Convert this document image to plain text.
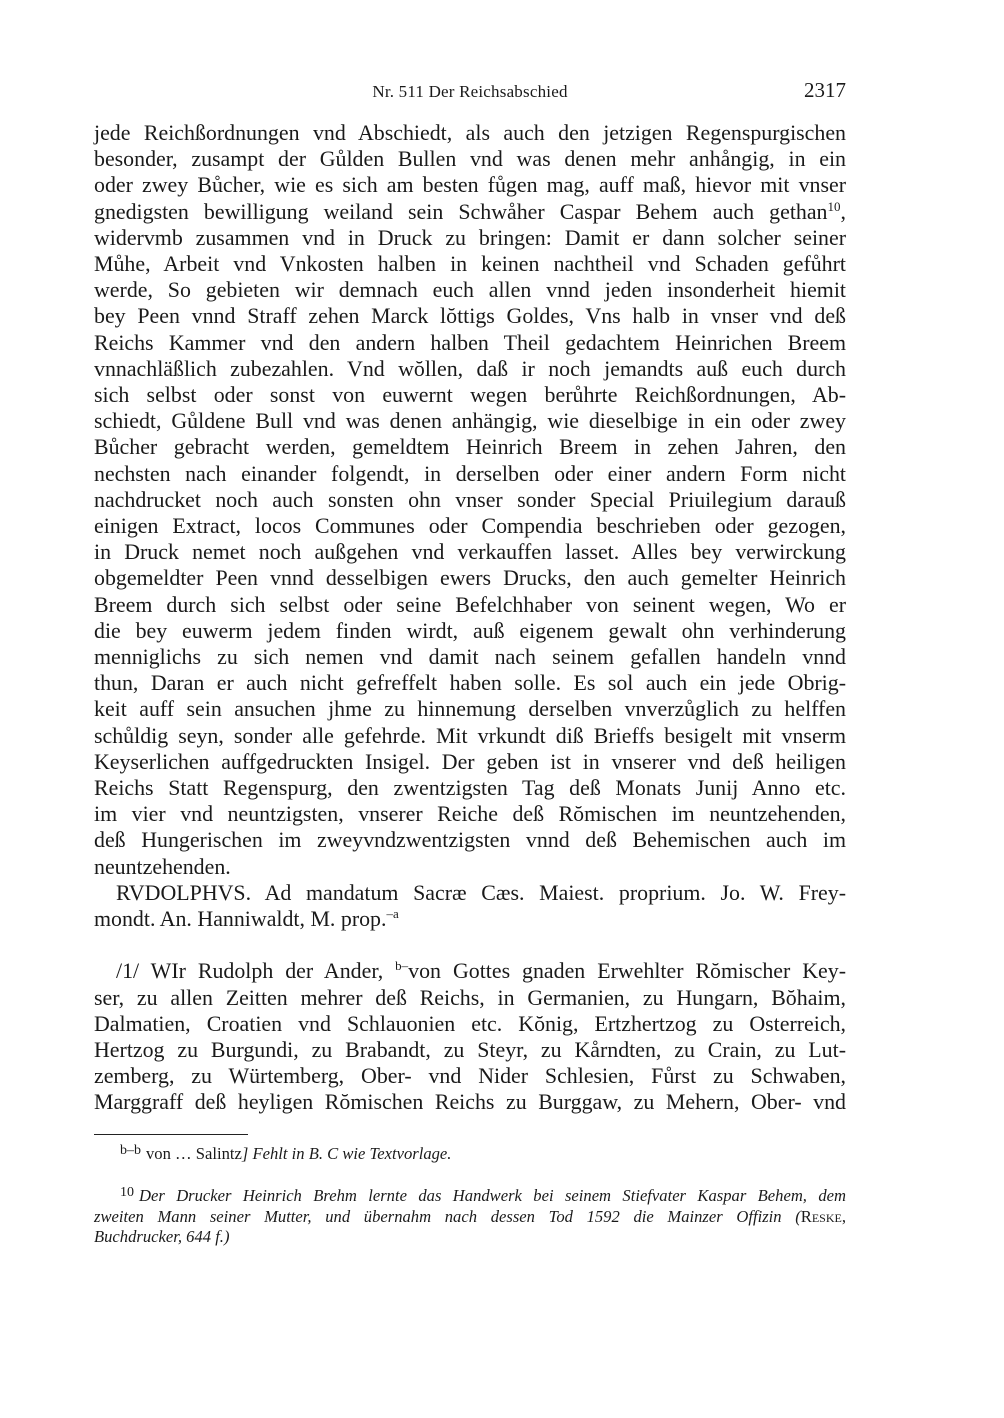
Nr. 511 Der Reichsabschied	2317
jede Reichßordnungen vnd Abschiedt, als auch den jetzigen Regenspurgischen
besonder, zusampt der Gůlden Bullen vnd was denen mehr anhångig, in ein
oder zwey Bůcher, wie es sich am besten fůgen mag, auff maß, hievor mit vnser
gnedigsten bewilligung weiland sein Schwåher Caspar Behem auch gethan$^{10}$,
widervmb zusammen vnd in Druck zu bringen: Damit er dann solcher seiner
Můhe, Arbeit vnd Vnkosten halben in keinen nachtheil vnd Schaden gefůhrt
werde, So gebieten wir demnach euch allen vnnd jeden insonderheit hiemit
bey Peen vnnd Straff zehen Marck lŏttigs Goldes, Vns halb in vnser vnd deß
Reichs Kammer vnd den andern halben Theil gedachtem Heinrichen Breem
vnnachläßlich zubezahlen. Vnd wŏllen, daß ir noch jemandts auß euch durch
sich selbst oder sonst von euwernt wegen berůhrte Reichßordnungen, Ab-
schiedt, Gůldene Bull vnd was denen anhängig, wie dieselbige in ein oder zwey
Bůcher gebracht werden, gemeldtem Heinrich Breem in zehen Jahren, den
nechsten nach einander folgendt, in derselben oder einer andern Form nicht
nachdrucket noch auch sonsten ohn vnser sonder Special Priuilegium darauß
einigen Extract, locos Communes oder Compendia beschrieben oder gezogen,
in Druck nemet noch außgehen vnd verkauffen lasset. Alles bey verwirckung
obgemeldter Peen vnnd desselbigen ewers Drucks, den auch gemelter Heinrich
Breem durch sich selbst oder seine Befelchhaber von seinent wegen, Wo er
die bey euwerm jedem finden wirdt, auß eigenem gewalt ohn verhinderung
menniglichs zu sich nemen vnd damit nach seinem gefallen handeln vnnd
thun, Daran er auch nicht gefreffelt haben solle. Es sol auch ein jede Obrig-
keit auff sein ansuchen jhme zu hinnemung derselben vnverzůglich zu helffen
schůldig seyn, sonder alle gefehrde. Mit vrkundt diß Brieffs besigelt mit vnserm
Keyserlichen auffgedruckten Insigel. Der geben ist in vnserer vnd deß heiligen
Reichs Statt Regenspurg, den zwentzigsten Tag deß Monats Junij Anno etc.
im vier vnd neuntzigsten, vnserer Reiche deß Rŏmischen im neuntzehenden,
deß Hungerischen im zweyvndzwentzigsten vnnd deß Behemischen auch im
neuntzehenden.
RVDOLPHVS. Ad mandatum Sacræ Cæs. Maiest. proprium. Jo. W. Frey-
mondt. An. Hanniwaldt, M. prop.$^{-a}$
/1/ WIr Rudolph der Ander, $^{b-}$von Gottes gnaden Erwehlter Rŏmischer Key-
ser, zu allen Zeitten mehrer deß Reichs, in Germanien, zu Hungarn, Bŏhaim,
Dalmatien, Croatien vnd Schlauonien etc. Kŏnig, Ertzhertzog zu Osterreich,
Hertzog zu Burgundi, zu Brabandt, zu Steyr, zu Kårndten, zu Crain, zu Lut-
zemberg, zu Würtemberg, Ober- vnd Nider Schlesien, Fůrst zu Schwaben,
Marggraff deß heyligen Rŏmischen Reichs zu Burggaw, zu Mehern, Ober- vnd
$^{b-b}$ von … Salintz] Fehlt in B. C wie Textvorlage.
$^{10}$ Der Drucker Heinrich Brehm lernte das Handwerk bei seinem Stiefvater Kaspar Behem, dem
zweiten Mann seiner Mutter, und übernahm nach dessen Tod 1592 die Mainzer Offizin (Reske,
Buchdrucker, 644 f.)
